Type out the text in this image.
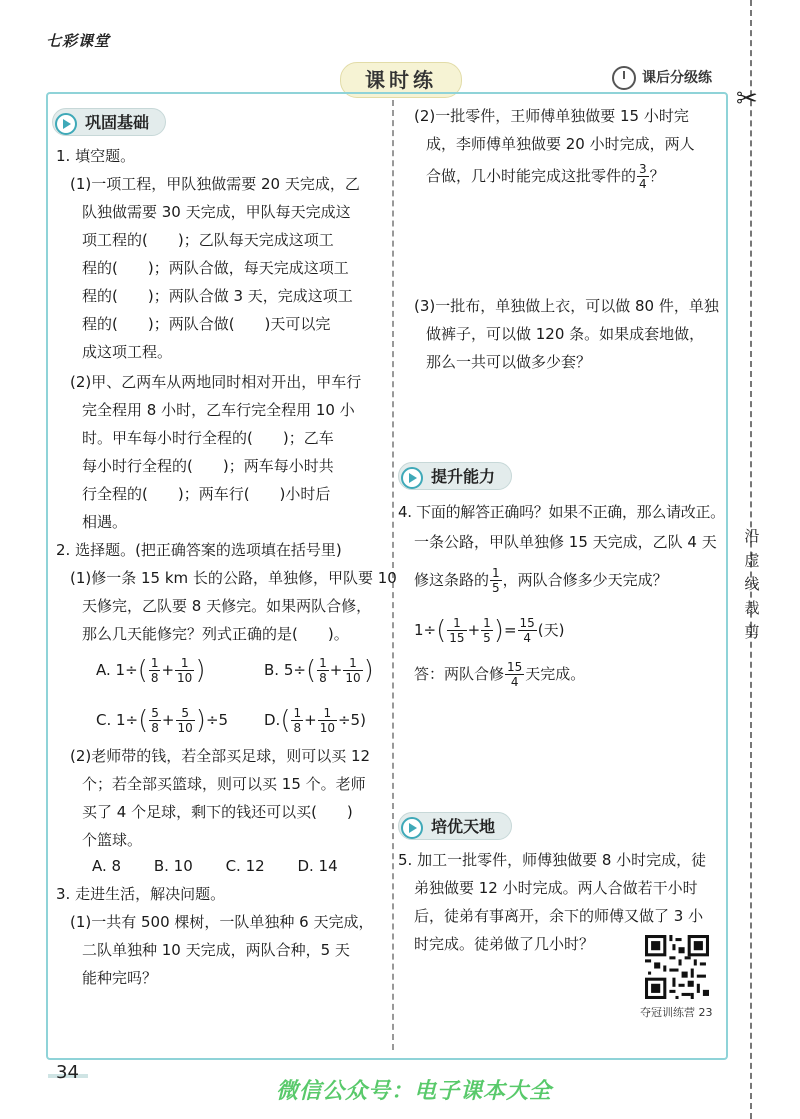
七彩课堂
课时练	课后分级练
✂
沿
虚
线
裁
剪
巩固基础
1. 填空题。
(1)一项工程，甲队独做需要 20 天完成，乙
队独做需要 30 天完成，甲队每天完成这
项工程的(　　)；乙队每天完成这项工
程的(　　)；两队合做，每天完成这项工
程的(　　)；两队合做 3 天，完成这项工
程的(　　)；两队合做(　　)天可以完
成这项工程。
(2)甲、乙两车从两地同时相对开出，甲车行
完全程用 8 小时，乙车行完全程用 10 小
时。甲车每小时行全程的(　　)；乙车
每小时行全程的(　　)；两车每小时共
行全程的(　　)；两车行(　　)小时后
相遇。
2. 选择题。(把正确答案的选项填在括号里)
(1)修一条 15 km 长的公路，单独修，甲队要 10
天修完，乙队要 8 天修完。如果两队合修，
那么几天能修完？列式正确的是(　　)。
A. $1\div( \frac{1}{8} + \frac{1}{10}$ )	B. $5\div( \frac{1}{8} + \frac{1}{10}$ )
C. $1\div( \frac{5}{8} + \frac{5}{10} )\div 5$ $D.( \frac{1}{8} + \frac{1}{10} \div 5)$
(2)老师带的钱，若全部买足球，则可以买 12
个；若全部买篮球，则可以买 15 个。老师
买了 4 个足球，剩下的钱还可以买(　　)
个篮球。
A. 8 B. 10 C. 12 D. 14
3. 走进生活，解决问题。
(1)一共有 500 棵树，一队单独种 6 天完成，
二队单独种 10 天完成，两队合种，5 天
能种完吗？
(2)一批零件，王师傅单独做要 15 小时完
成，李师傅单独做要 20 小时完成，两人
合做，几小时能完成这批零件的 $\frac{3}{4}$ ？
(3)一批布，单独做上衣，可以做 80 件，单独
做裤子，可以做 120 条。如果成套地做，
那么一共可以做多少套？
提升能力
4. 下面的解答正确吗？如果不正确，那么请改正。
一条公路，甲队单独修 15 天完成，乙队 4 天
修这条路的 $\frac{1}{5}$ ，两队合修多少天完成？
$1\div( \frac{1}{15} + \frac{1}{5}$ )= $\frac{15}{4}$ (天)
答：两队合修 $\frac{15}{4}$ 天完成。
培优天地
5. 加工一批零件，师傅独做要 8 小时完成，徒
弟独做要 12 小时完成。两人合做若干小时
后，徒弟有事离开，余下的师傅又做了 3 小
时完成。徒弟做了几小时？
夺冠训练营 23
34
微信公众号：电子课本大全
